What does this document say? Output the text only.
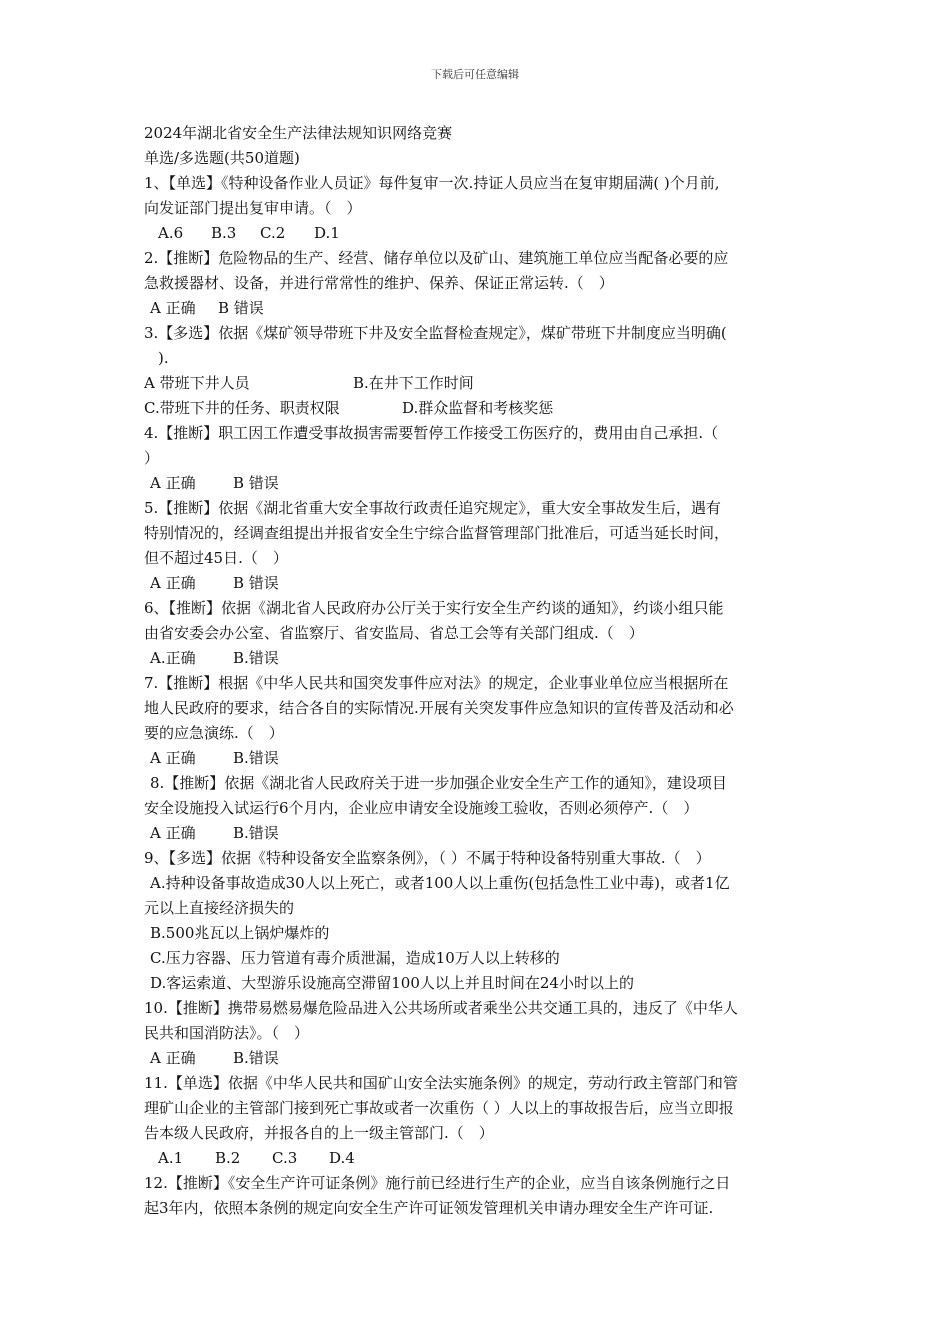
下载后可任意编辑
2024年湖北省安全生产法律法规知识网络竞赛
单选/多选题(共50道题)
1、【单选】《特种设备作业人员证》每件复审一次.持证人员应当在复审期届满( )个月前,
向发证部门提出复审申请。（　）
A.6 B.3 C.2 D.1
2.【推断】危险物品的生产、经营、储存单位以及矿山、建筑施工单位应当配备必要的应
急救援器材、设备，并进行常常性的维护、保养、保证正常运转.（　）
A 正确 B 错误
3.【多选】依据《煤矿领导带班下井及安全监督检查规定》，煤矿带班下井制度应当明确(
).
A 带班下井人员	B.在井下工作时间
C.带班下井的任务、职责权限	D.群众监督和考核奖惩
4.【推断】职工因工作遭受事故损害需要暂停工作接受工伤医疗的，费用由自己承担.（
）
A 正确 B 错误
5.【推断】依据《湖北省重大安全事故行政责任追究规定》，重大安全事故发生后，遇有
特别情况的，经调查组提出并报省安全生宁综合监督管理部门批准后，可适当延长时间，
但不超过45日.（　）
A 正确 B 错误
6、【推断】依据《湖北省人民政府办公厅关于实行安全生产约谈的通知》，约谈小组只能
由省安委会办公室、省监察厅、省安监局、省总工会等有关部门组成.（　）
A.正确 B.错误
7.【推断】根据《中华人民共和国突发事件应对法》的规定，企业事业单位应当根据所在
地人民政府的要求，结合各自的实际情况.开展有关突发事件应急知识的宣传普及活动和必
要的应急演练.（　）
A 正确 B.错误
8.【推断】依据《湖北省人民政府关于进一步加强企业安全生产工作的通知》，建设项目
安全设施投入试运行6个月内，企业应申请安全设施竣工验收，否则必须停产.（　）
A 正确 B.错误
9、【多选】依据《特种设备安全监察条例》，（ ）不属于特种设备特别重大事故.（　）
A.持种设备事故造成30人以上死亡，或者100人以上重伤(包括急性工业中毒)，或者1亿
元以上直接经济损失的
B.500兆瓦以上锅炉爆炸的
C.压力容器、压力管道有毒介质泄漏，造成10万人以上转移的
D.客运索道、大型游乐设施高空滞留100人以上并且时间在24小时以上的
10.【推断】携带易燃易爆危险品进入公共场所或者乘坐公共交通工具的，违反了《中华人
民共和国消防法》。（　）
A 正确 B.错误
11.【单选】依据《中华人民共和国矿山安全法实施条例》的规定，劳动行政主管部门和管
理矿山企业的主管部门接到死亡事故或者一次重伤（ ）人以上的事故报告后，应当立即报
告本级人民政府，并报各自的上一级主管部门.（　）
A.1 B.2 C.3 D.4
12.【推断】《安全生产许可证条例》施行前已经进行生产的企业，应当自该条例施行之日
起3年内，依照本条例的规定向安全生产许可证领发管理机关申请办理安全生产许可证.
